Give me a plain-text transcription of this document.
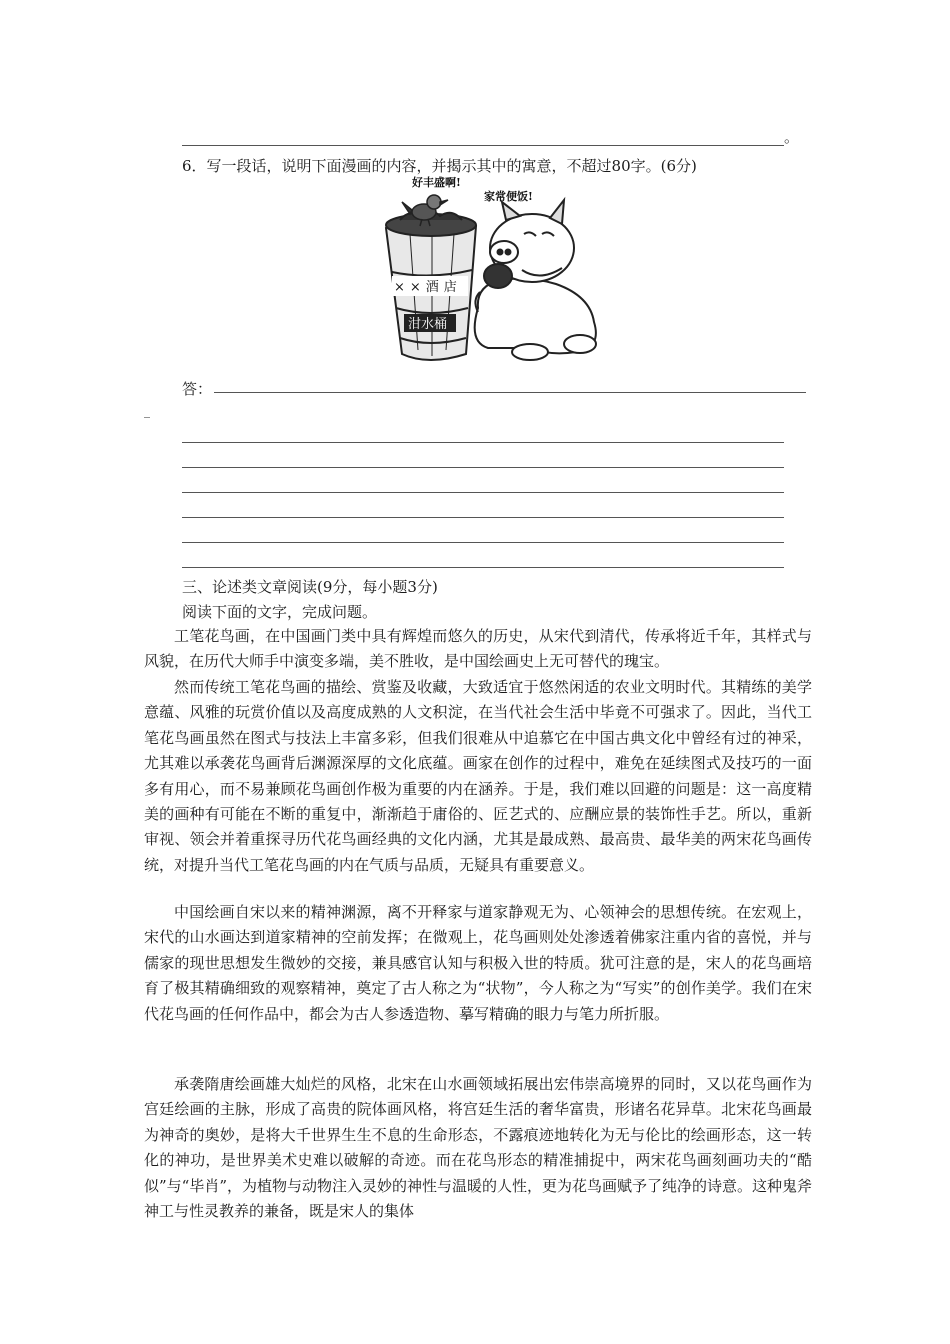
。
6．写一段话，说明下面漫画的内容，并揭示其中的寓意，不超过80字。(6分)
××酒店
泔水桶
好丰盛啊!
家常便饭!
答：
_
三、论述类文章阅读(9分，每小题3分)
阅读下面的文字，完成问题。

工笔花鸟画，在中国画门类中具有辉煌而悠久的历史，从宋代到清代，传承将近千年，其样式与风貌，在历代大师手中演变多端，美不胜收，是中国绘画史上无可替代的瑰宝。

然而传统工笔花鸟画的描绘、赏鉴及收藏，大致适宜于悠然闲适的农业文明时代。其精练的美学意蕴、风雅的玩赏价值以及高度成熟的人文积淀，在当代社会生活中毕竟不可强求了。因此，当代工笔花鸟画虽然在图式与技法上丰富多彩，但我们很难从中追慕它在中国古典文化中曾经有过的神采，尤其难以承袭花鸟画背后渊源深厚的文化底蕴。画家在创作的过程中，难免在延续图式及技巧的一面多有用心，而不易兼顾花鸟画创作极为重要的内在涵养。于是，我们难以回避的问题是：这一高度精美的画种有可能在不断的重复中，渐渐趋于庸俗的、匠艺式的、应酬应景的装饰性手艺。所以，重新审视、领会并着重探寻历代花鸟画经典的文化内涵，尤其是最成熟、最高贵、最华美的两宋花鸟画传统，对提升当代工笔花鸟画的内在气质与品质，无疑具有重要意义。

中国绘画自宋以来的精神渊源，离不开释家与道家静观无为、心领神会的思想传统。在宏观上，宋代的山水画达到道家精神的空前发挥；在微观上，花鸟画则处处渗透着佛家注重内省的喜悦，并与儒家的现世思想发生微妙的交接，兼具感官认知与积极入世的特质。犹可注意的是，宋人的花鸟画培育了极其精确细致的观察精神，奠定了古人称之为“状物”，今人称之为“写实”的创作美学。我们在宋代花鸟画的任何作品中，都会为古人参透造物、摹写精确的眼力与笔力所折服。

承袭隋唐绘画雄大灿烂的风格，北宋在山水画领域拓展出宏伟崇高境界的同时，又以花鸟画作为宫廷绘画的主脉，形成了高贵的院体画风格，将宫廷生活的奢华富贵，形诸名花异草。北宋花鸟画最为神奇的奥妙，是将大千世界生生不息的生命形态，不露痕迹地转化为无与伦比的绘画形态，这一转化的神功，是世界美术史难以破解的奇迹。而在花鸟形态的精准捕捉中，两宋花鸟画刻画功夫的“酷似”与“毕肖”，为植物与动物注入灵妙的神性与温暖的人性，更为花鸟画赋予了纯净的诗意。这种鬼斧神工与性灵教养的兼备，既是宋人的集体
